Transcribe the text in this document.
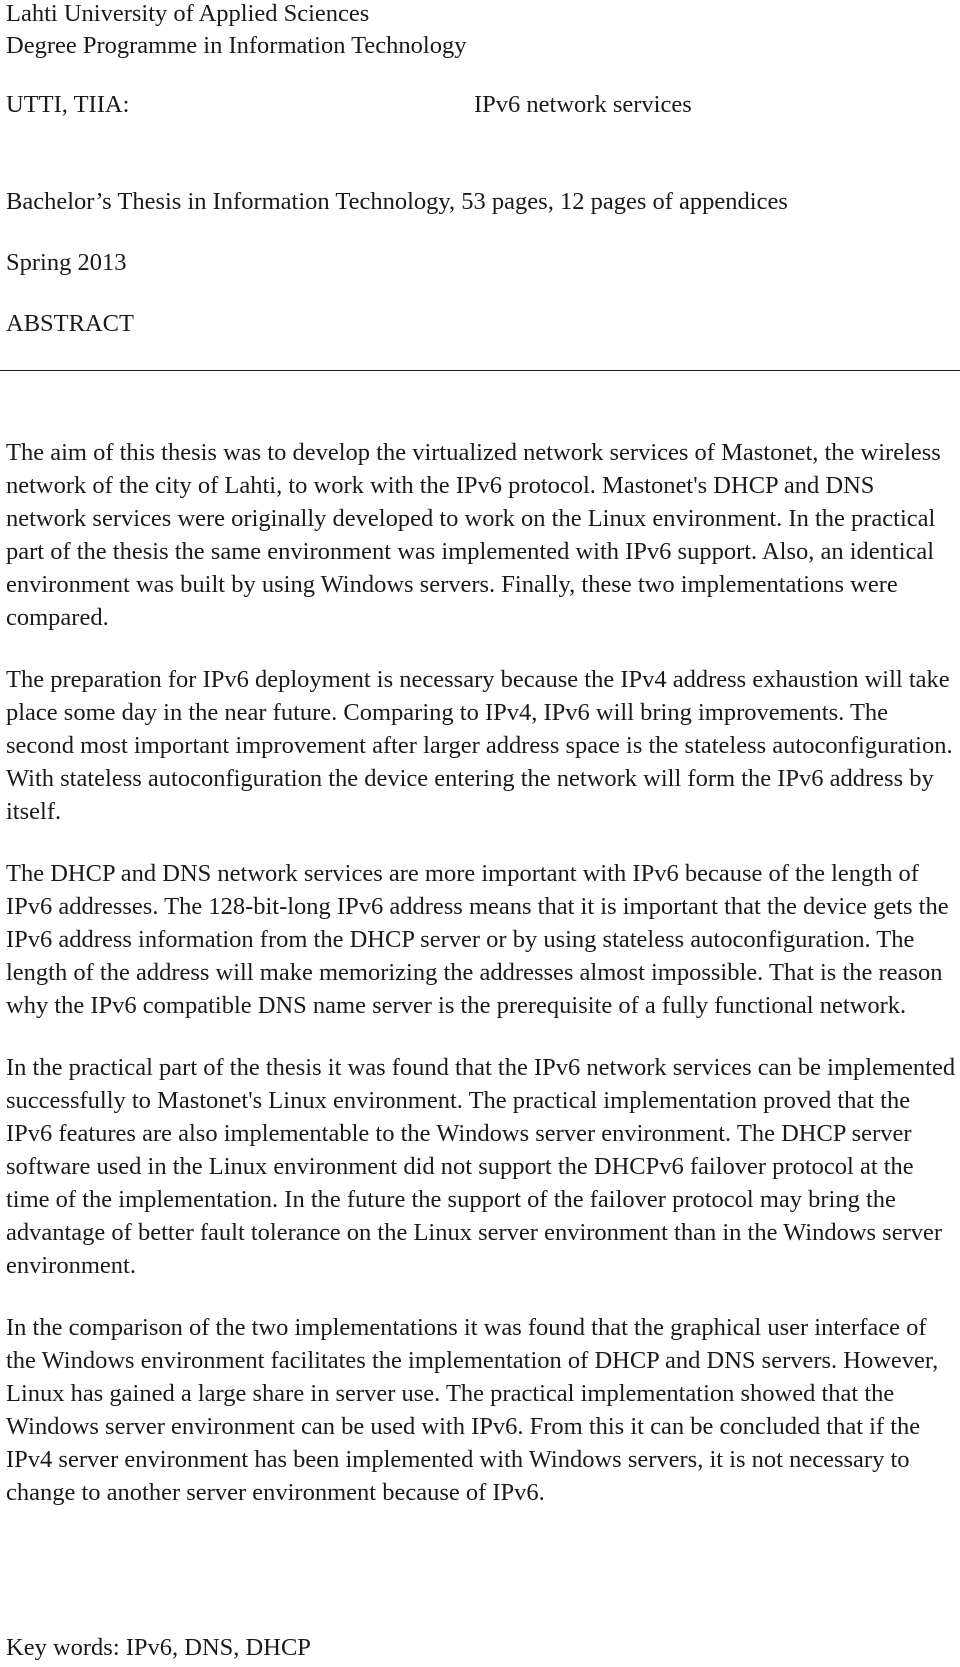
Lahti University of Applied Sciences
Degree Programme in Information Technology
UTTI, TIIA:	IPv6 network services
Bachelor’s Thesis in Information Technology, 53 pages, 12 pages of appendices
Spring 2013
ABSTRACT

The aim of this thesis was to develop the virtualized network services of Mastonet, the wireless network of the city of Lahti, to work with the IPv6 protocol. Mastonet's DHCP and DNS network services were originally developed to work on the Linux environment. In the practical part of the thesis the same environment was implemented with IPv6 support. Also, an identical environment was built by using Windows servers. Finally, these two implementations were compared.

The preparation for IPv6 deployment is necessary because the IPv4 address exhaustion will take place some day in the near future. Comparing to IPv4, IPv6 will bring improvements. The second most important improvement after larger address space is the stateless autoconfiguration. With stateless autoconfiguration the device entering the network will form the IPv6 address by itself.

The DHCP and DNS network services are more important with IPv6 because of the length of IPv6 addresses. The 128-bit-long IPv6 address means that it is important that the device gets the IPv6 address information from the DHCP server or by using stateless autoconfiguration. The length of the address will make memorizing the addresses almost impossible. That is the reason why the IPv6 compatible DNS name server is the prerequisite of a fully functional network.

In the practical part of the thesis it was found that the IPv6 network services can be implemented successfully to Mastonet's Linux environment. The practical implementation proved that the IPv6 features are also implementable to the Windows server environment. The DHCP server software used in the Linux environment did not support the DHCPv6 failover protocol at the time of the implementation. In the future the support of the failover protocol may bring the advantage of better fault tolerance on the Linux server environment than in the Windows server environment.

In the comparison of the two implementations it was found that the graphical user interface of the Windows environment facilitates the implementation of DHCP and DNS servers. However, Linux has gained a large share in server use. The practical implementation showed that the Windows server environment can be used with IPv6. From this it can be concluded that if the IPv4 server environment has been implemented with Windows servers, it is not necessary to change to another server environment because of IPv6.

Key words: IPv6, DNS, DHCP
